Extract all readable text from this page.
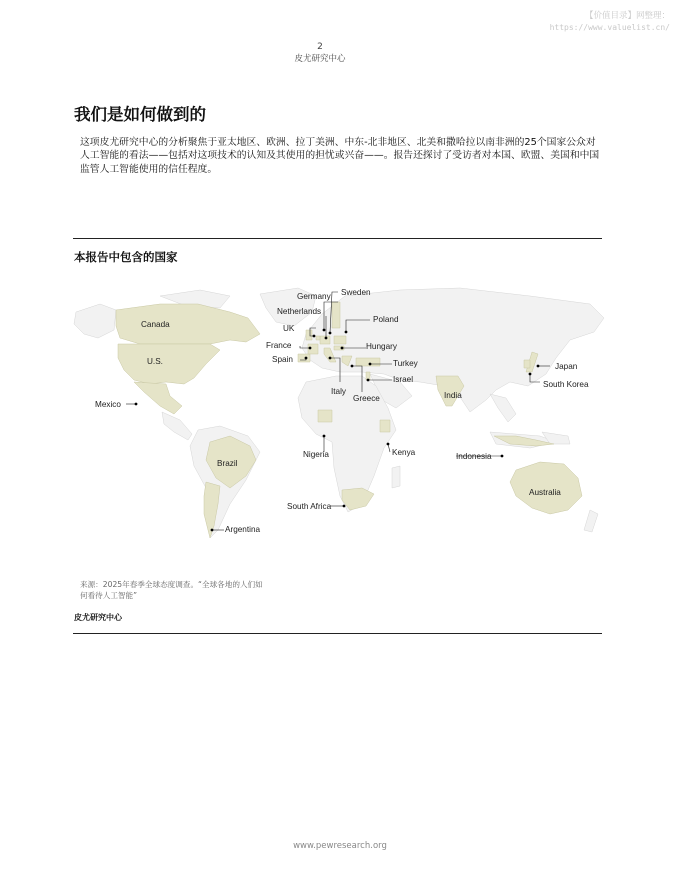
【价值目录】网整理：
https://www.valuelist.cn/
2
皮尤研究中心
我们是如何做到的
这项皮尤研究中心的分析聚焦于亚太地区、欧洲、拉丁美洲、中东-北非地区、北美和撒哈拉以南非洲的25个国家公众对人工智能的看法——包括对这项技术的认知及其使用的担忧或兴奋——。报告还探讨了受访者对本国、欧盟、美国和中国监管人工智能使用的信任程度。
本报告中包含的国家
Canada
U.S.
Mexico
Brazil
Argentina
Germany Sweden
Netherlands
UK
Poland
France	Hungary
Spain	Turkey
Israel
Italy
Greece	India
Japan
South Korea
Nigeria	Kenya	Indonesia
Australia
South Africa
来源：2025年春季全球态度调查。“全球各地的人们如何看待人工智能”
皮尤研究中心
www.pewresearch.org
